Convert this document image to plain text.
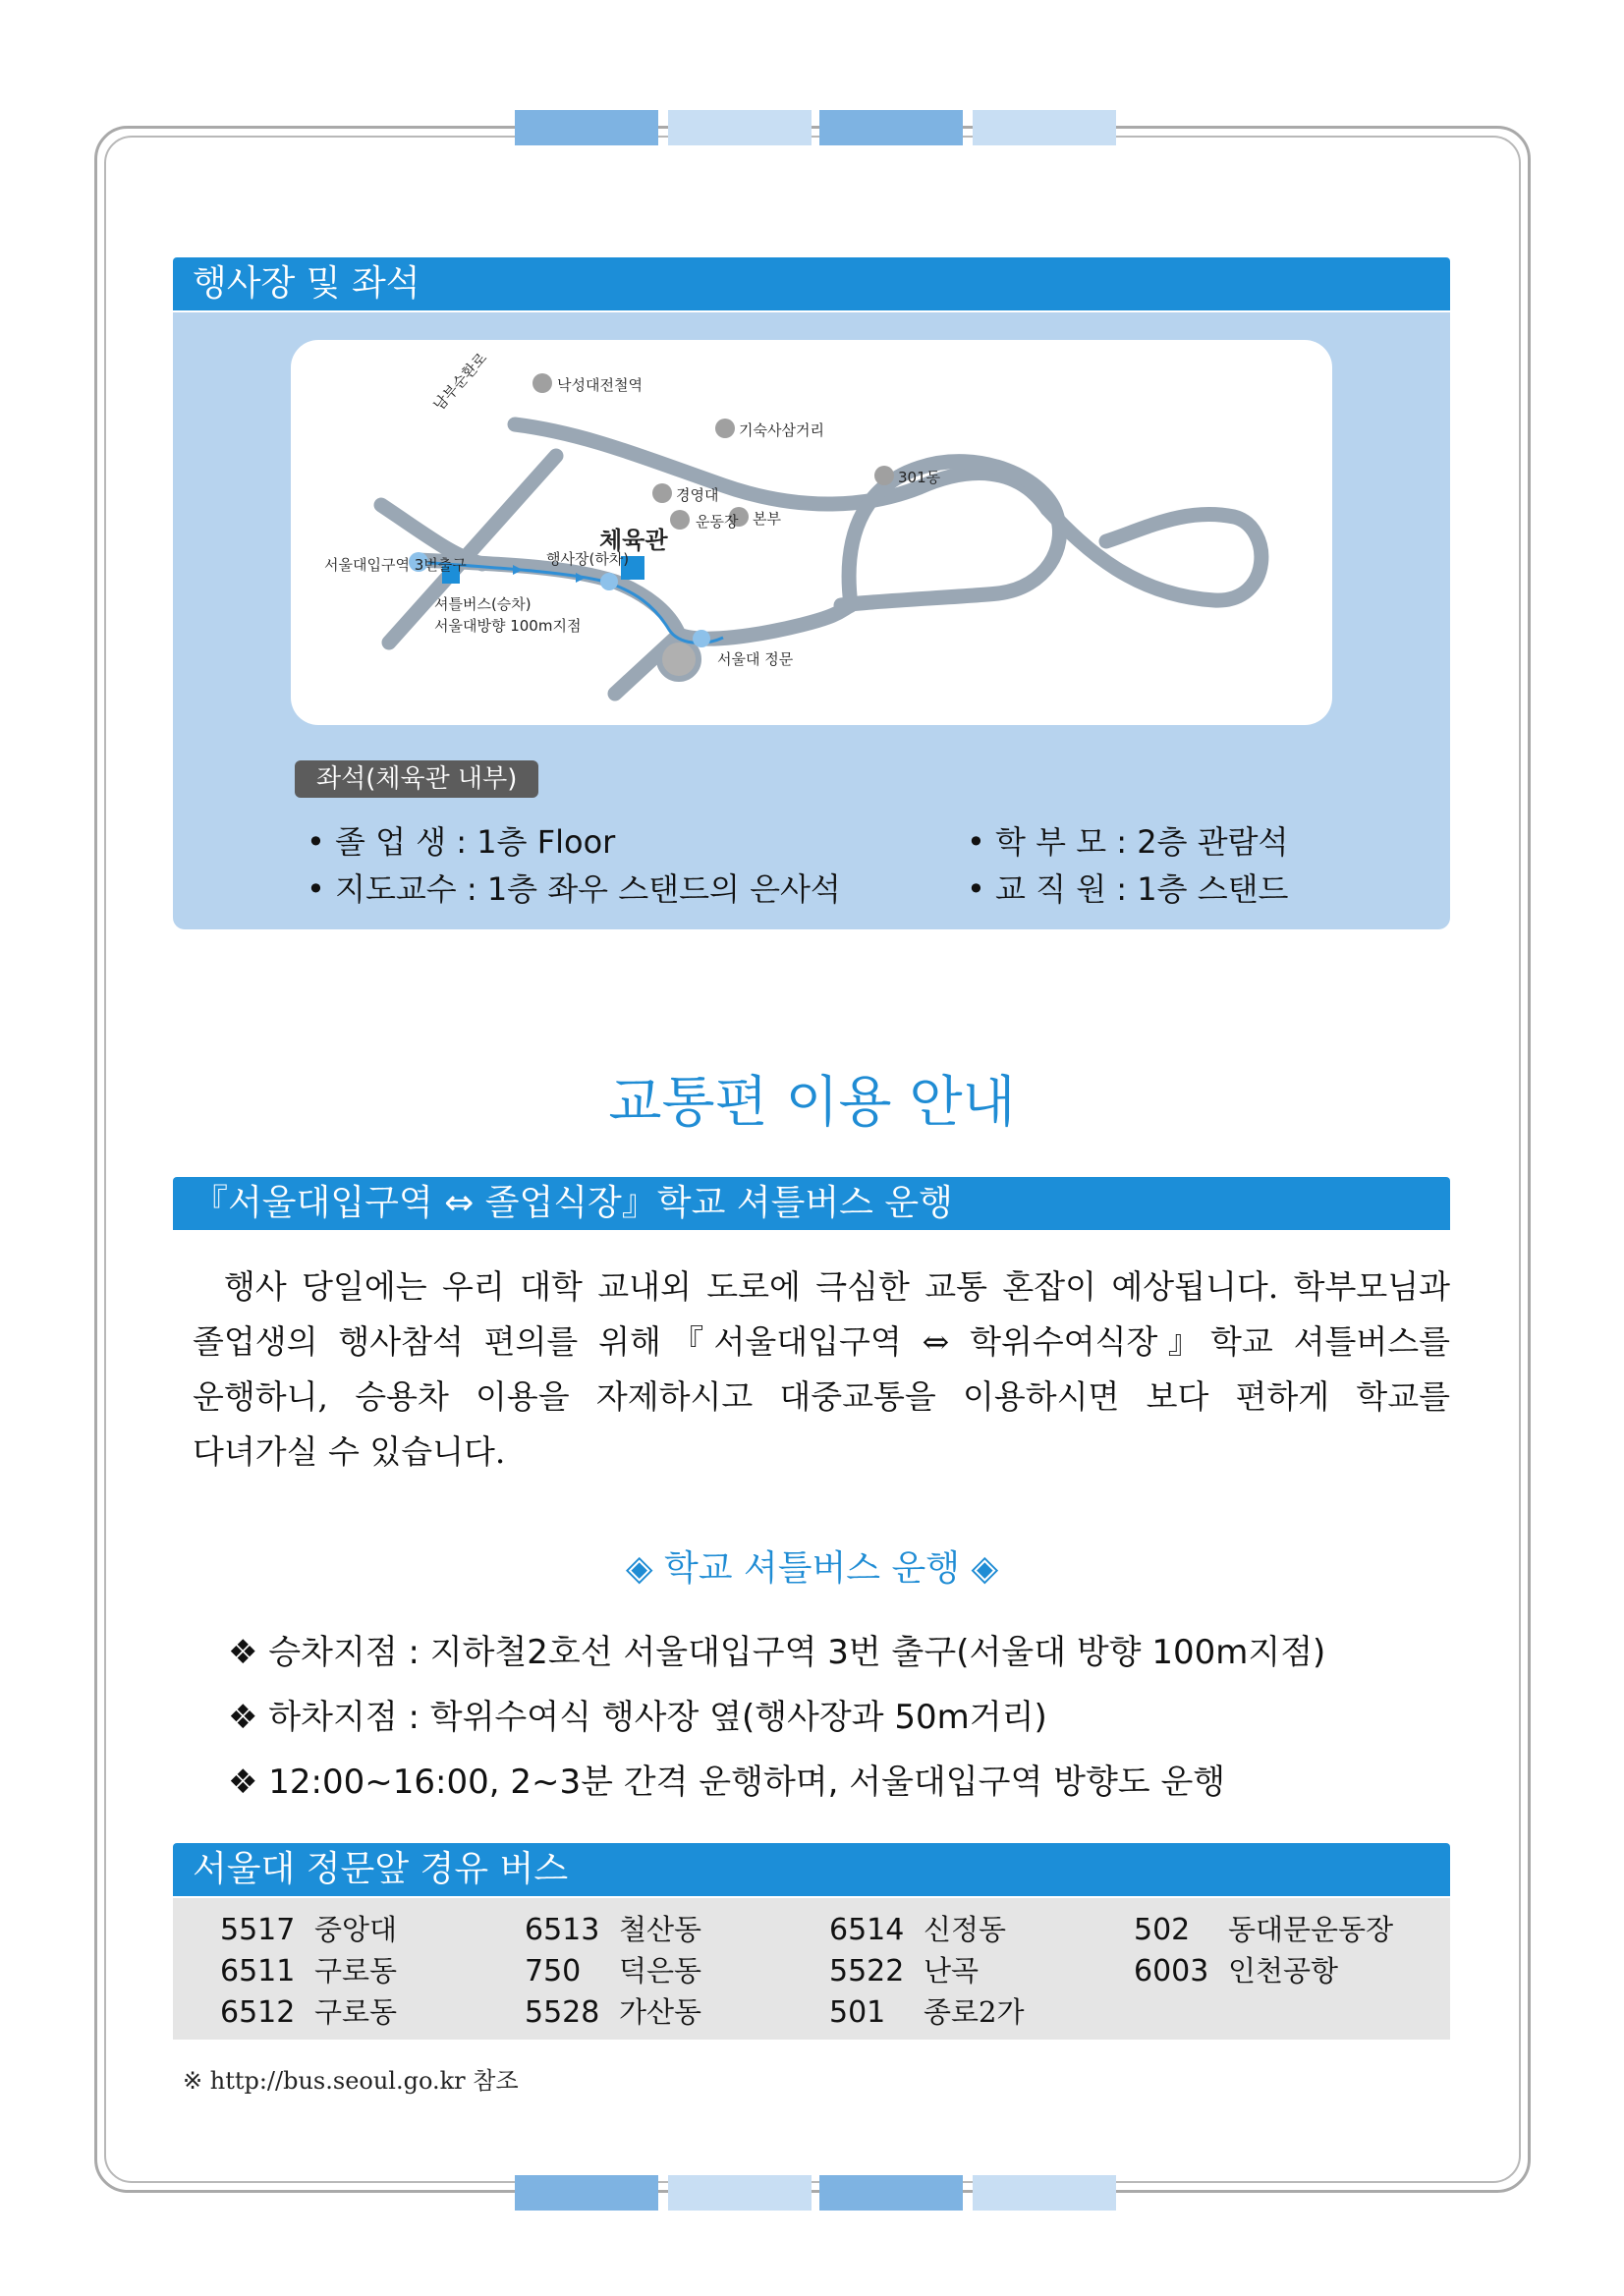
행사장 및 좌석
남부순환로	낙성대전철역
기숙사삼거리
301동
체육관
경영대
운동장 본부
행사장(하차)
서울대입구역 3번출구
셔틀버스(승차)
서울대방향 100m지점
서울대 정문
좌석(체육관 내부)
• 졸 업 생 : 1층 Floor
• 지도교수 : 1층 좌우 스탠드의 은사석
• 학 부 모 : 2층 관람석
• 교 직 원 : 1층 스탠드
교통편 이용 안내
『서울대입구역 ⇔ 졸업식장』학교 셔틀버스 운행
행사 당일에는 우리 대학 교내외 도로에 극심한 교통 혼잡이 예상됩니다. 학부모님과
졸업생의 행사참석 편의를 위해『서울대입구역 ⇔ 학위수여식장』학교 셔틀버스를
운행하니, 승용차 이용을 자제하시고 대중교통을 이용하시면 보다 편하게 학교를
다녀가실 수 있습니다.
◈ 학교 셔틀버스 운행 ◈
❖ 승차지점 : 지하철2호선 서울대입구역 3번 출구(서울대 방향 100m지점)
❖ 하차지점 : 학위수여식 행사장 옆(행사장과 50m거리)
❖ 12:00~16:00, 2~3분 간격 운행하며, 서울대입구역 방향도 운행
서울대 정문앞 경유 버스
5517 중앙대
6511 구로동
6512 구로동
6513 철산동
750 덕은동
5528 가산동
6514 신정동
5522 난곡
501 종로2가
502 동대문운동장
6003 인천공항
※ http://bus.seoul.go.kr 참조
